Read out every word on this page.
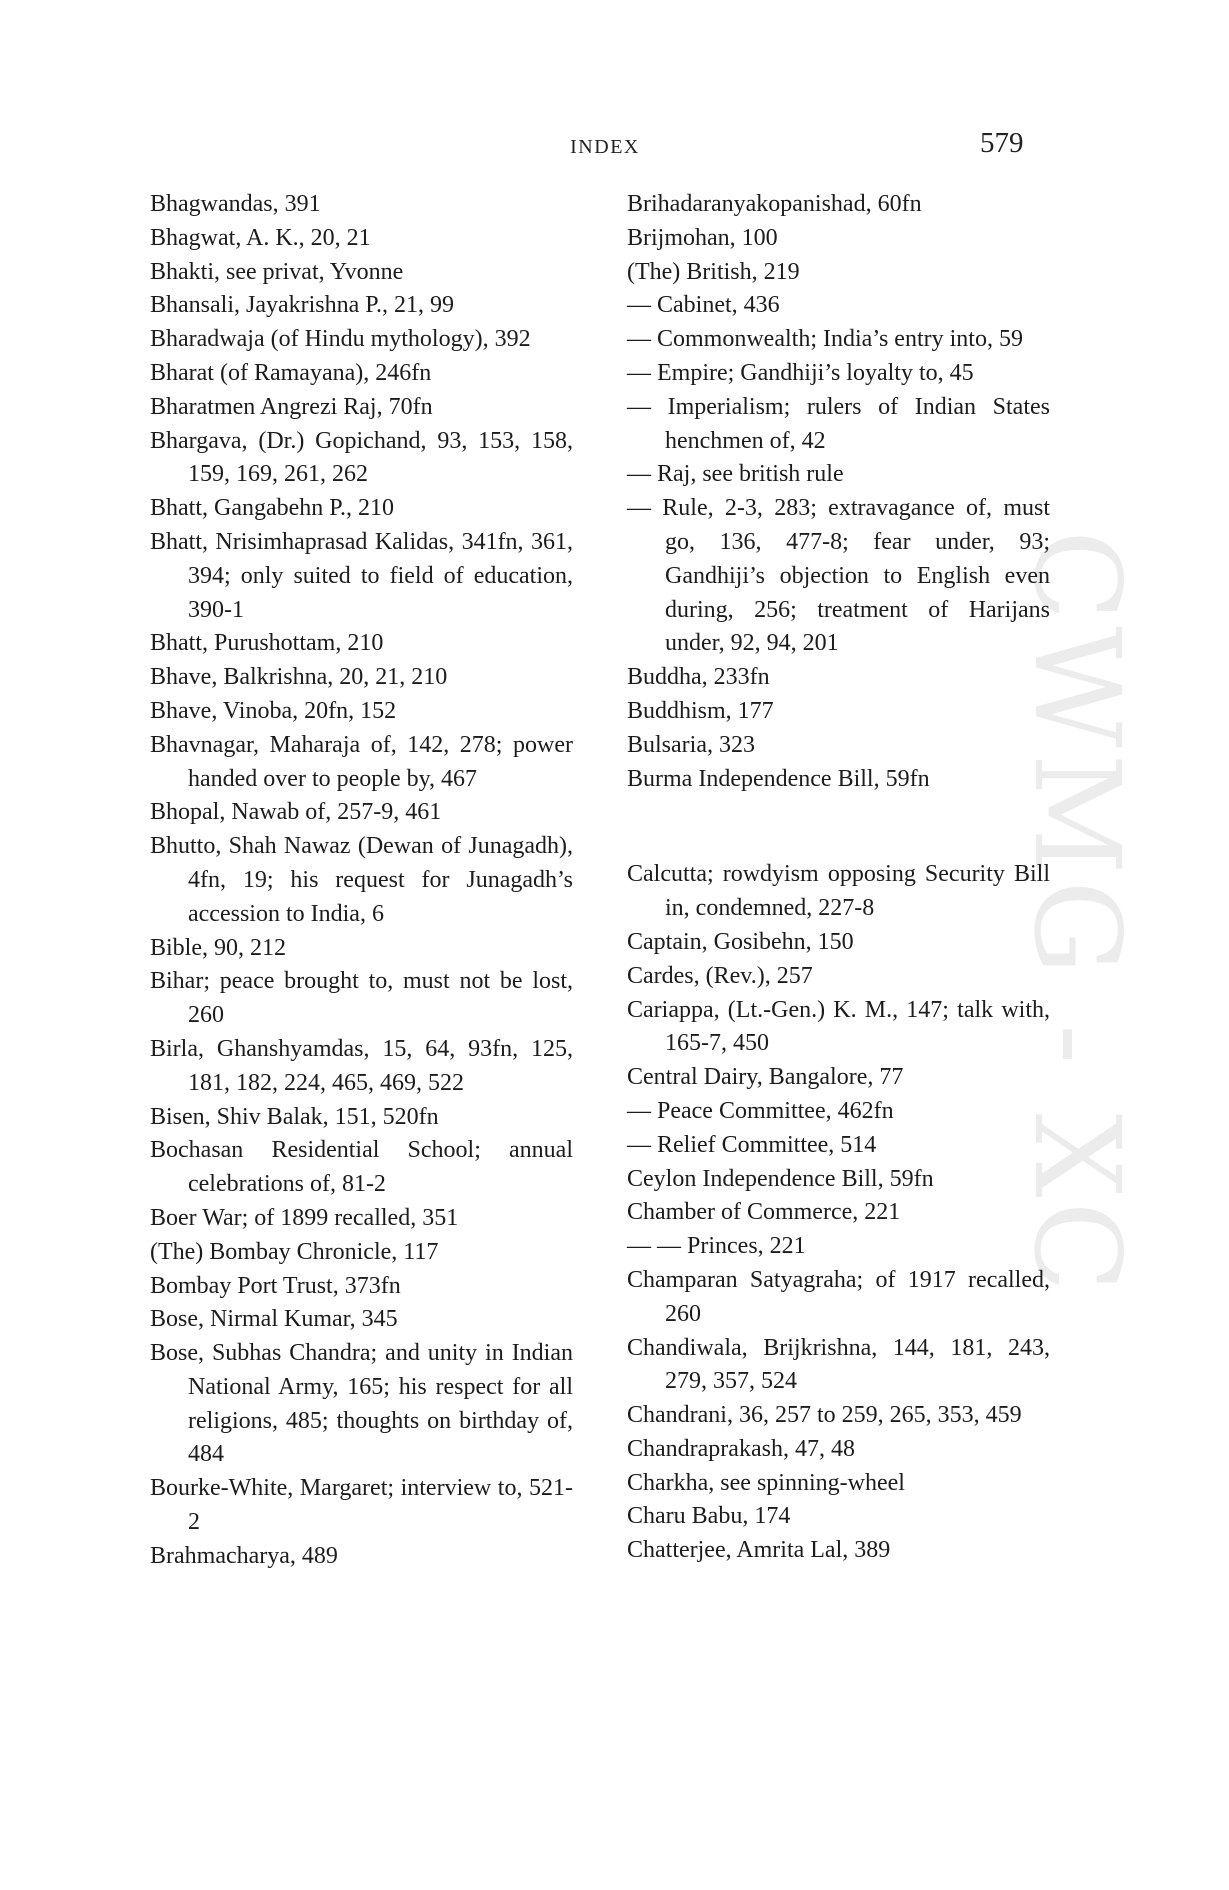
CWMG - XC
INDEX	579
Bhagwandas, 391
Bhagwat, A. K., 20, 21
Bhakti, see privat, Yvonne
Bhansali, Jayakrishna P., 21, 99
Bharadwaja (of Hindu mythology), 392
Bharat (of Ramayana), 246fn
Bharatmen Angrezi Raj, 70fn
Bhargava, (Dr.) Gopichand, 93, 153, 158, 159, 169, 261, 262
Bhatt, Gangabehn P., 210
Bhatt, Nrisimhaprasad Kalidas, 341fn, 361, 394; only suited to field of education, 390-1
Bhatt, Purushottam, 210
Bhave, Balkrishna, 20, 21, 210
Bhave, Vinoba, 20fn, 152
Bhavnagar, Maharaja of, 142, 278; power handed over to people by, 467
Bhopal, Nawab of, 257-9, 461
Bhutto, Shah Nawaz (Dewan of Junagadh), 4fn, 19; his request for Junagadh’s accession to India, 6
Bible, 90, 212
Bihar; peace brought to, must not be lost, 260
Birla, Ghanshyamdas, 15, 64, 93fn, 125, 181, 182, 224, 465, 469, 522
Bisen, Shiv Balak, 151, 520fn
Bochasan Residential School; annual celebrations of, 81-2
Boer War; of 1899 recalled, 351
(The) Bombay Chronicle, 117
Bombay Port Trust, 373fn
Bose, Nirmal Kumar, 345
Bose, Subhas Chandra; and unity in Indian National Army, 165; his respect for all religions, 485; thoughts on birthday of, 484
Bourke-White, Margaret; interview to, 521-2
Brahmacharya, 489
Brihadaranyakopanishad, 60fn
Brijmohan, 100
(The) British, 219
— Cabinet, 436
— Commonwealth; India’s entry into, 59
— Empire; Gandhiji’s loyalty to, 45
— Imperialism; rulers of Indian States henchmen of, 42
— Raj, see british rule
— Rule, 2-3, 283; extravagance of, must go, 136, 477-8; fear under, 93; Gandhiji’s objection to English even during, 256; treatment of Harijans under, 92, 94, 201
Buddha, 233fn
Buddhism, 177
Bulsaria, 323
Burma Independence Bill, 59fn
Calcutta; rowdyism opposing Security Bill in, condemned, 227-8
Captain, Gosibehn, 150
Cardes, (Rev.), 257
Cariappa, (Lt.-Gen.) K. M., 147; talk with, 165-7, 450
Central Dairy, Bangalore, 77
— Peace Committee, 462fn
— Relief Committee, 514
Ceylon Independence Bill, 59fn
Chamber of Commerce, 221
— — Princes, 221
Champaran Satyagraha; of 1917 recalled, 260
Chandiwala, Brijkrishna, 144, 181, 243, 279, 357, 524
Chandrani, 36, 257 to 259, 265, 353, 459
Chandraprakash, 47, 48
Charkha, see spinning-wheel
Charu Babu, 174
Chatterjee, Amrita Lal, 389
